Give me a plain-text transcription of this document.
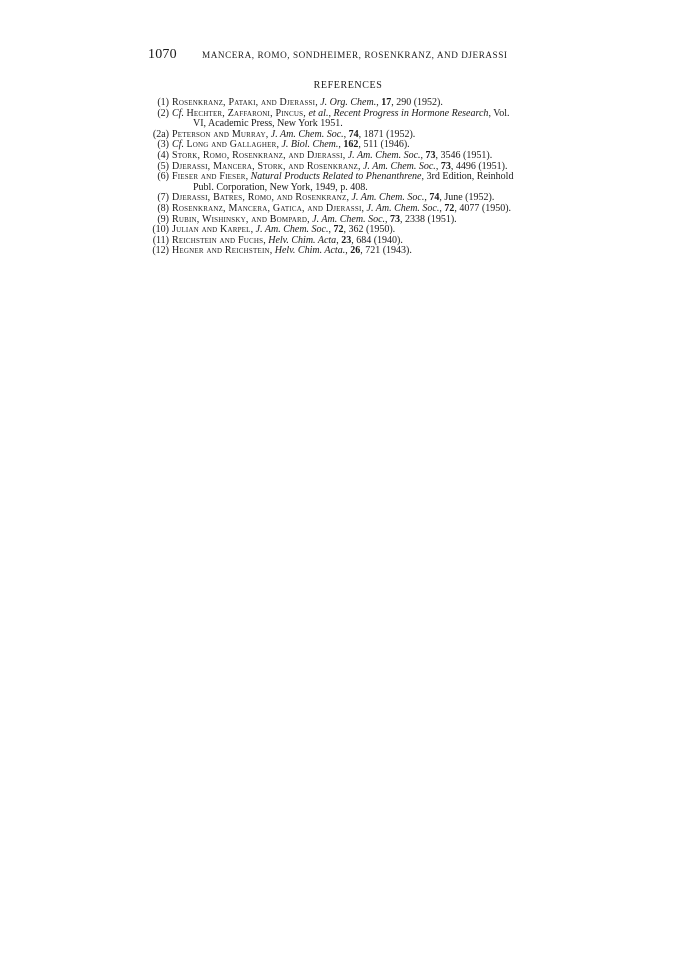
1070	MANCERA, ROMO, SONDHEIMER, ROSENKRANZ, AND DJERASSI
REFERENCES

(1) Rosenkranz, Pataki, and Djerassi, J. Org. Chem., 17, 290 (1952).

(2) Cf. Hechter, Zaffaroni, Pincus, et al., Recent Progress in Hormone Research, Vol.
VI, Academic Press, New York 1951.

(2a) Peterson and Murray, J. Am. Chem. Soc., 74, 1871 (1952).

(3) Cf. Long and Gallagher, J. Biol. Chem., 162, 511 (1946).

(4) Stork, Romo, Rosenkranz, and Djerassi, J. Am. Chem. Soc., 73, 3546 (1951).

(5) Djerassi, Mancera, Stork, and Rosenkranz, J. Am. Chem. Soc., 73, 4496 (1951).

(6) Fieser and Fieser, Natural Products Related to Phenanthrene, 3rd Edition, Reinhold
Publ. Corporation, New York, 1949, p. 408.

(7) Djerassi, Batres, Romo, and Rosenkranz, J. Am. Chem. Soc., 74, June (1952).

(8) Rosenkranz, Mancera, Gatica, and Djerassi, J. Am. Chem. Soc., 72, 4077 (1950).

(9) Rubin, Wishinsky, and Bompard, J. Am. Chem. Soc., 73, 2338 (1951).

(10) Julian and Karpel, J. Am. Chem. Soc., 72, 362 (1950).

(11) Reichstein and Fuchs, Helv. Chim. Acta, 23, 684 (1940).

(12) Hegner and Reichstein, Helv. Chim. Acta., 26, 721 (1943).
